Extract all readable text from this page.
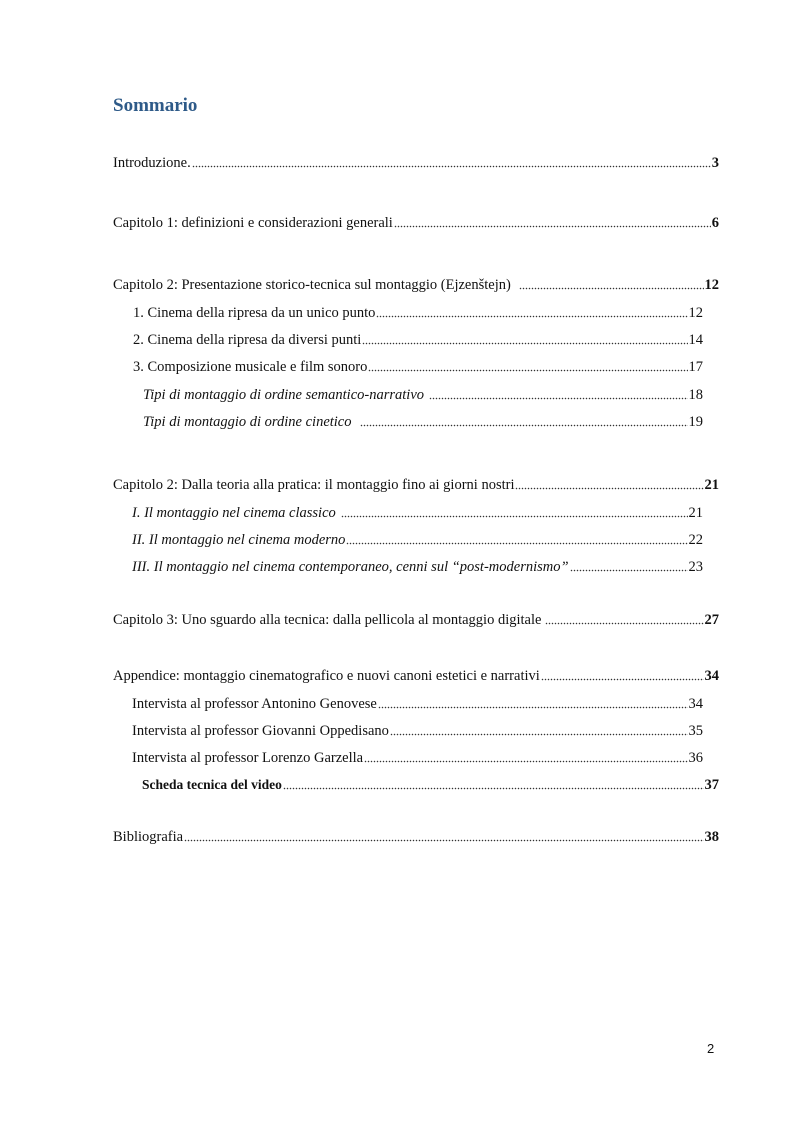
Sommario
Introduzione.	3
Capitolo 1: definizioni e considerazioni generali	6
Capitolo 2: Presentazione storico-tecnica sul montaggio (Ejzenštejn)	12
1. Cinema della ripresa da un unico punto	12
2. Cinema della ripresa da diversi punti	14
3. Composizione musicale e film sonoro	17
Tipi di montaggio di ordine semantico-narrativo	18
Tipi di montaggio di ordine cinetico	19
Capitolo 2: Dalla teoria alla pratica: il montaggio fino ai giorni nostri	21
I. Il montaggio nel cinema classico	21
II. Il montaggio nel cinema moderno	22
III. Il montaggio nel cinema contemporaneo, cenni sul “post-modernismo”	23
Capitolo 3: Uno sguardo alla tecnica: dalla pellicola al montaggio digitale	27
Appendice: montaggio cinematografico e nuovi canoni estetici e narrativi	34
Intervista al professor Antonino Genovese	34
Intervista al professor Giovanni Oppedisano	35
Intervista al professor Lorenzo Garzella	36
Scheda tecnica del video	37
Bibliografia	38
2
